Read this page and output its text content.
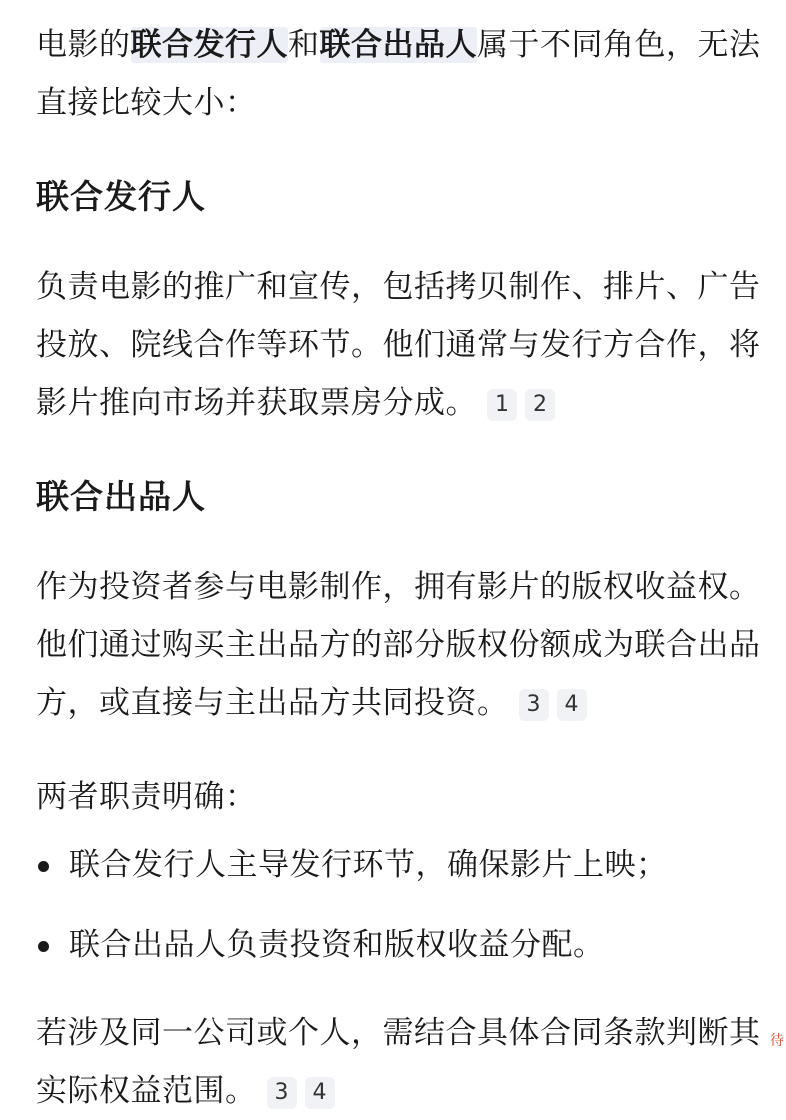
电影的联合发行人和联合出品人属于不同角色，无法直接比较大小：

联合发行人

负责电影的推广和宣传，包括拷贝制作、排片、广告投放、院线合作等环节。他们通常与发行方合作，将影片推向市场并获取票房分成。 1 2

联合出品人

作为投资者参与电影制作，拥有影片的版权收益权。他们通过购买主出品方的部分版权份额成为联合出品方，或直接与主出品方共同投资。 3 4

两者职责明确：

联合发行人主导发行环节，确保影片上映；
联合出品人负责投资和版权收益分配。

若涉及同一公司或个人，需结合具体合同条款判断其实际权益范围。 3 4

待
